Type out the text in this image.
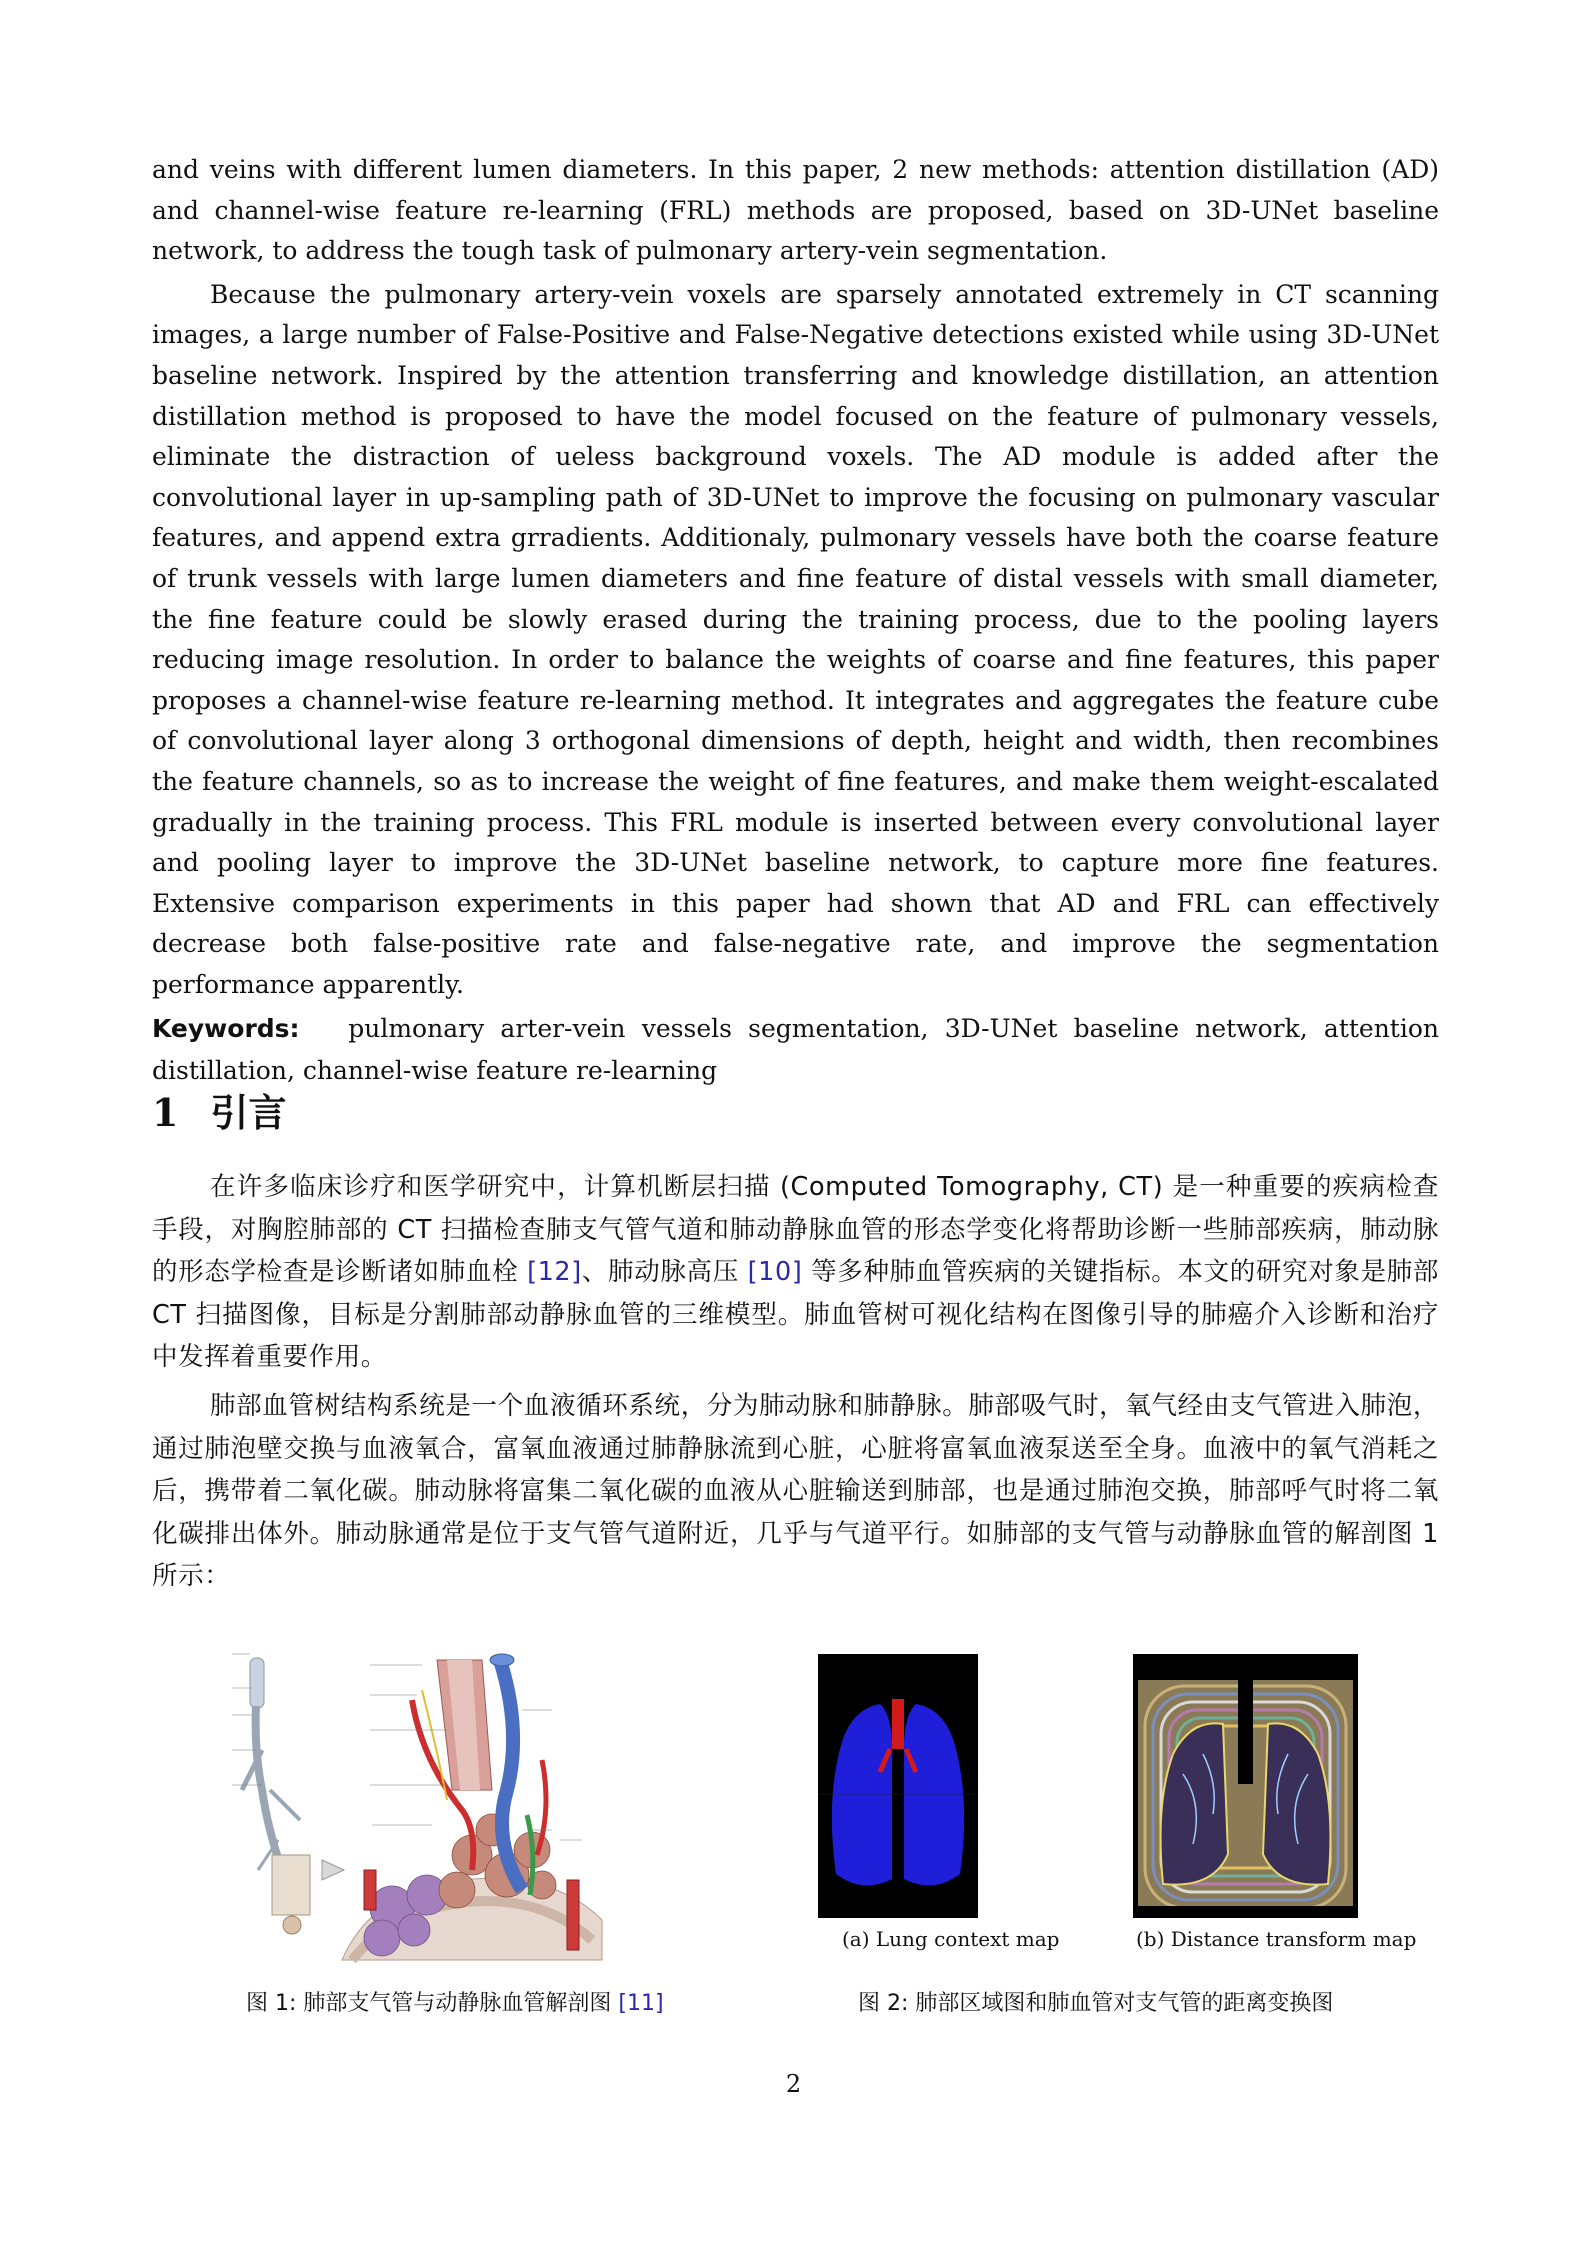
and veins with different lumen diameters. In this paper, 2 new methods: attention distillation (AD) and channel-wise feature re-learning (FRL) methods are proposed, based on 3D-UNet baseline network, to address the tough task of pulmonary artery-vein segmentation.

Because the pulmonary artery-vein voxels are sparsely annotated extremely in CT scanning images, a large number of False-Positive and False-Negative detections existed while using 3D-UNet baseline network. Inspired by the attention transferring and knowledge distillation, an attention distillation method is proposed to have the model focused on the feature of pulmonary vessels, eliminate the distraction of ueless background voxels. The AD module is added after the convolutional layer in up-sampling path of 3D-UNet to improve the focusing on pulmonary vascular features, and append extra grradients. Additionaly, pulmonary vessels have both the coarse feature of trunk vessels with large lumen diameters and fine feature of distal vessels with small diameter, the fine feature could be slowly erased during the training process, due to the pooling layers reducing image resolution. In order to balance the weights of coarse and fine features, this paper proposes a channel-wise feature re-learning method. It integrates and aggregates the feature cube of convolutional layer along 3 orthogonal dimensions of depth, height and width, then recombines the feature channels, so as to increase the weight of fine features, and make them weight-escalated gradually in the training process. This FRL module is inserted between every convolutional layer and pooling layer to improve the 3D-UNet baseline network, to capture more fine features. Extensive comparison experiments in this paper had shown that AD and FRL can effectively decrease both false-positive rate and false-negative rate, and improve the segmentation performance apparently.

Keywords: pulmonary arter-vein vessels segmentation, 3D-UNet baseline network, attention distillation, channel-wise feature re-learning

1 引言

在许多临床诊疗和医学研究中，计算机断层扫描 (Computed Tomography, CT) 是一种重要的疾病检查手段，对胸腔肺部的 CT 扫描检查肺支气管气道和肺动静脉血管的形态学变化将帮助诊断一些肺部疾病，肺动脉的形态学检查是诊断诸如肺血栓 [12]、肺动脉高压 [10] 等多种肺血管疾病的关键指标。本文的研究对象是肺部 CT 扫描图像，目标是分割肺部动静脉血管的三维模型。肺血管树可视化结构在图像引导的肺癌介入诊断和治疗中发挥着重要作用。

肺部血管树结构系统是一个血液循环系统，分为肺动脉和肺静脉。肺部吸气时，氧气经由支气管进入肺泡，通过肺泡壁交换与血液氧合，富氧血液通过肺静脉流到心脏，心脏将富氧血液泵送至全身。血液中的氧气消耗之后，携带着二氧化碳。肺动脉将富集二氧化碳的血液从心脏输送到肺部，也是通过肺泡交换，肺部呼气时将二氧化碳排出体外。肺动脉通常是位于支气管气道附近，几乎与气道平行。如肺部的支气管与动静脉血管的解剖图 1所示：

(a) Lung context map	(b) Distance transform map
图 1: 肺部支气管与动静脉血管解剖图 [11]	图 2: 肺部区域图和肺血管对支气管的距离变换图
2
